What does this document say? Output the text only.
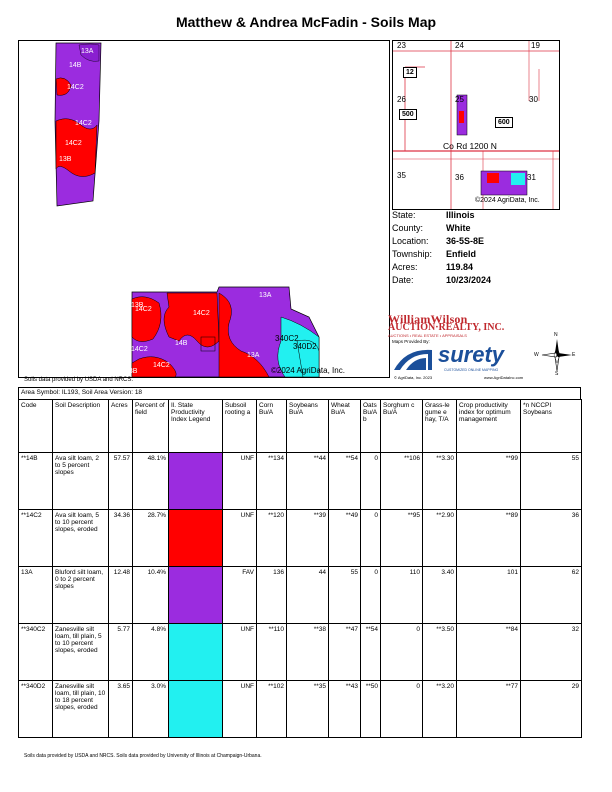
Matthew & Andrea McFadin - Soils Map
13A
14B
14C2
14C2
14C2
13B
13A
14C2
13B
14C2
14B
14C2
13B
14C2
13A
340C2
340D2
©2024 AgriData, Inc.
23	24	19
26	25	30
35	36	31
12
500
600
Co Rd 1200 N
©2024 AgriData, Inc.
State:	Illinois
County:	White
Location:	36-5S-8E
Township:	Enfield
Acres:	119.84
Date:	10/23/2024
WilliamWilson
AUCTION·REALTY, INC.
AUCTIONS • REAL ESTATE • APPRAISALS
Maps Provided By:
surety
CUSTOMIZED ONLINE MAPPING
© AgriData, Inc. 2023	www.AgriDataInc.com
N
S
E
W
Soils data provided by USDA and NRCS.
Area Symbol: IL193, Soil Area Version: 18
Code	Soil Description	Acres	Percent of field	Il. State Productivity Index Legend	Subsoil rooting a	Corn Bu/A	Soybeans Bu/A	Wheat Bu/A	Oats Bu/A b	Sorghum c Bu/A	Grass-le gume e hay, T/A	Crop productivity index for optimum management	*n NCCPI Soybeans
**14B	Ava silt loam, 2 to 5 percent slopes	57.57	48.1%		UNF	**134	**44	**54	0	**106	**3.30	**99	55
**14C2	Ava silt loam, 5 to 10 percent slopes, eroded	34.36	28.7%		UNF	**120	**39	**49	0	**95	**2.90	**89	36
13A	Bluford silt loam, 0 to 2 percent slopes	12.48	10.4%		FAV	136	44	55	0	110	3.40	101	62
**340C2	Zanesville silt loam, till plain, 5 to 10 percent slopes, eroded	5.77	4.8%		UNF	**110	**38	**47	**54	0	**3.50	**84	32
**340D2	Zanesville silt loam, till plain, 10 to 18 percent slopes, eroded	3.65	3.0%		UNF	**102	**35	**43	**50	0	**3.20	**77	29
Soils data provided by USDA and NRCS. Soils data provided by University of Illinois at Champaign-Urbana.
